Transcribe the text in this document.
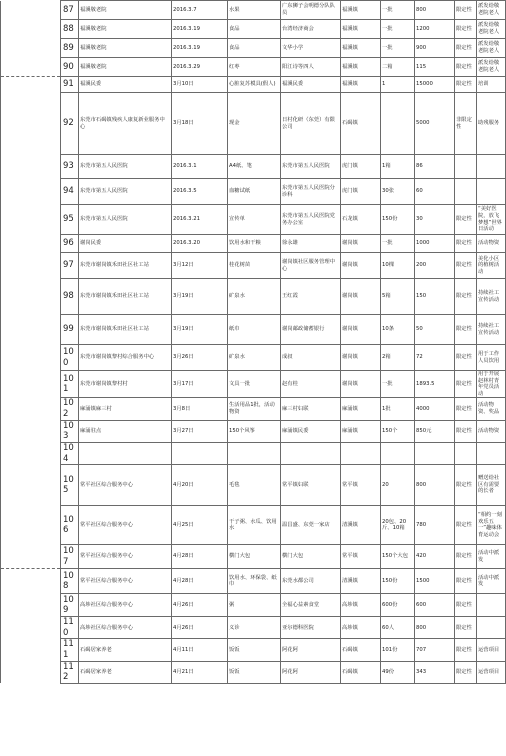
	87	福溪敬老院	2016.3.7	水果	广东狮子会明德分队队员	福溪镇	一批	800	限定性	派发给敬老院老人
	88	福溪敬老院	2016.3.19	食品	台湾经济商会	福溪镇	一批	1200	限定性	派发给敬老院老人
	89	福溪敬老院	2016.3.19	食品	文华小学	福溪镇	一批	900	限定性	派发给敬老院老人
	90	福溪敬老院	2016.3.29	红枣	阳江诗等四人	福溪镇	二箱	115	限定性	派发给敬老院老人
	91	福溪民委	3月10日	心脏复苏模具(假人)	福溪民委	福溪镇	1	15000	限定性	培训
	92	东莞市石碣镇残疾人康复新业服务中心	3月18日	现金	日村化研（东莞）有限公司	石碣镇		5000	非限定性	助残服务
	93	东莞市第五人民医院	2016.3.1	A4纸、笔	东莞市第五人民医院	虎门镇	1箱	86		
	94	东莞市第五人民医院	2016.3.5	血糖试纸	东莞市第五人民医院分诊科	虎门镇	30张	60		
	95	东莞市第五人民医院	2016.3.21	宣传单	东莞市第五人民医院党务办公室	石龙镇	150份	30	限定性	“美好医院，放飞梦想”世界日活动
	96	谢岗民委	2016.3.20	饮用水和干粮	徐永雄	谢岗镇	一批	1000	限定性	活动物资
	97	东莞市谢岗镇禾田社区社工站	3月12日	桂花树苗	谢岗镇社区服务管理中心	谢岗镇	10棵	200	限定性	美化小区的植树活动
	98	东莞市谢岗镇禾田社区社工站	3月19日	矿泉水	王红霞	谢岗镇	5箱	150	限定性	持续社工宣传活动
	99	东莞市谢岗镇禾田社区社工站	3月19日	纸巾	谢岗邮政储蓄银行	谢岗镇	10条	50	限定性	持续社工宣传活动
	100	东莞市谢岗镇黎村综合服务中心	3月26日	矿泉水	成叔	谢岗镇	2箱	72	限定性	用于工作人员饮用
	101	东莞市谢岗镇黎村村	3月17日	文具一批	赵有桂	谢岗镇	一批	1893.5	限定性	用于开展赵林村青年党员活动
	102	麻涌镇麻三村	3月8日	生活用品1批，活动物资	麻三村妇联	麻涌镇	1批	4000	限定性	活动物资、奖品
	103	麻涌驻点	3月27日	150个风筝	麻涌镇民委	麻涌镇	150个	850元	限定性	活动物资
	104									
	105	常平社区综合服务中心	4月20日	毛毯	常平镇妇联	常平镇	20	800	限定性	赠送给社区有需要的长者
	106	常平社区综合服务中心	4月25日	干子粥、水瓜、饮用水	温昌盛、东莞一家店	清溪镇	20包、20斤、10箱	780	限定性	“相约一刻 欢乐五一”趣味体育运动会
	107	常平社区综合服务中心	4月28日	横门大包	横门大包	常平镇	150个大包	420	限定性	活动中派发
	108	常平社区综合服务中心	4月28日	饮用水、环保袋、纸巾	东莞水都公司	清溪镇	150份	1500	限定性	活动中派发
	109	高埗社区综合服务中心	4月26日	粥	全福心益素食堂	高埗镇	600份	600	限定性	
	110	高埗社区综合服务中心	4月26日	义诊	亚尔德科医院	高埗镇	60人	800	限定性	
	111	石碣居家养老	4月11日	饭饭	阿花阿	石碣镇	101份	707	限定性	运营项目
	112	石碣居家养老	4月21日	饭饭	阿花阿	石碣镇	49份	343	限定性	运营项目
